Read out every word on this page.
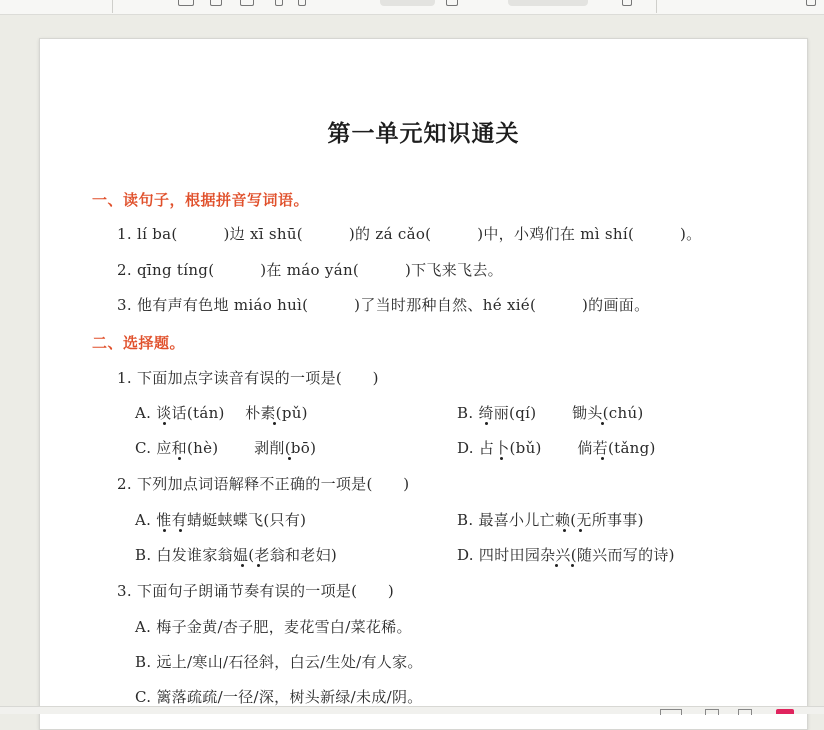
第一单元知识通关
一、读句子，根据拼音写词语。
1. lí ba(　　　)边 xī shū(　　　)的 zá cǎo(　　　)中，小鸡们在 mì shí(　　　)。
2. qīng tíng(　　　)在 máo yán(　　　)下飞来飞去。
3. 他有声有色地 miáo huì(　　　)了当时那种自然、hé xié(　　　)的画面。
二、选择题。
1. 下面加点字读音有误的一项是(　　)
A. 谈话(tán)　 朴素(pǔ)	B. 绮丽(qí)　　 锄头(chú)
C. 应和(hè)　　 剥削(bō)	D. 占卜(bǔ)　　 倘若(tǎng)
2. 下列加点词语解释不正确的一项是(　　)
A. 惟有蜻蜓蛱蝶飞(只有)	B. 最喜小儿亡赖(无所事事)
B. 白发谁家翁媪(老翁和老妇)	D. 四时田园杂兴(随兴而写的诗)
3. 下面句子朗诵节奏有误的一项是(　　)
A. 梅子金黄/杏子肥，麦花雪白/菜花稀。
B. 远上/寒山/石径斜，白云/生处/有人家。
C. 篱落疏疏/一径/深，树头新绿/未成/阴。
